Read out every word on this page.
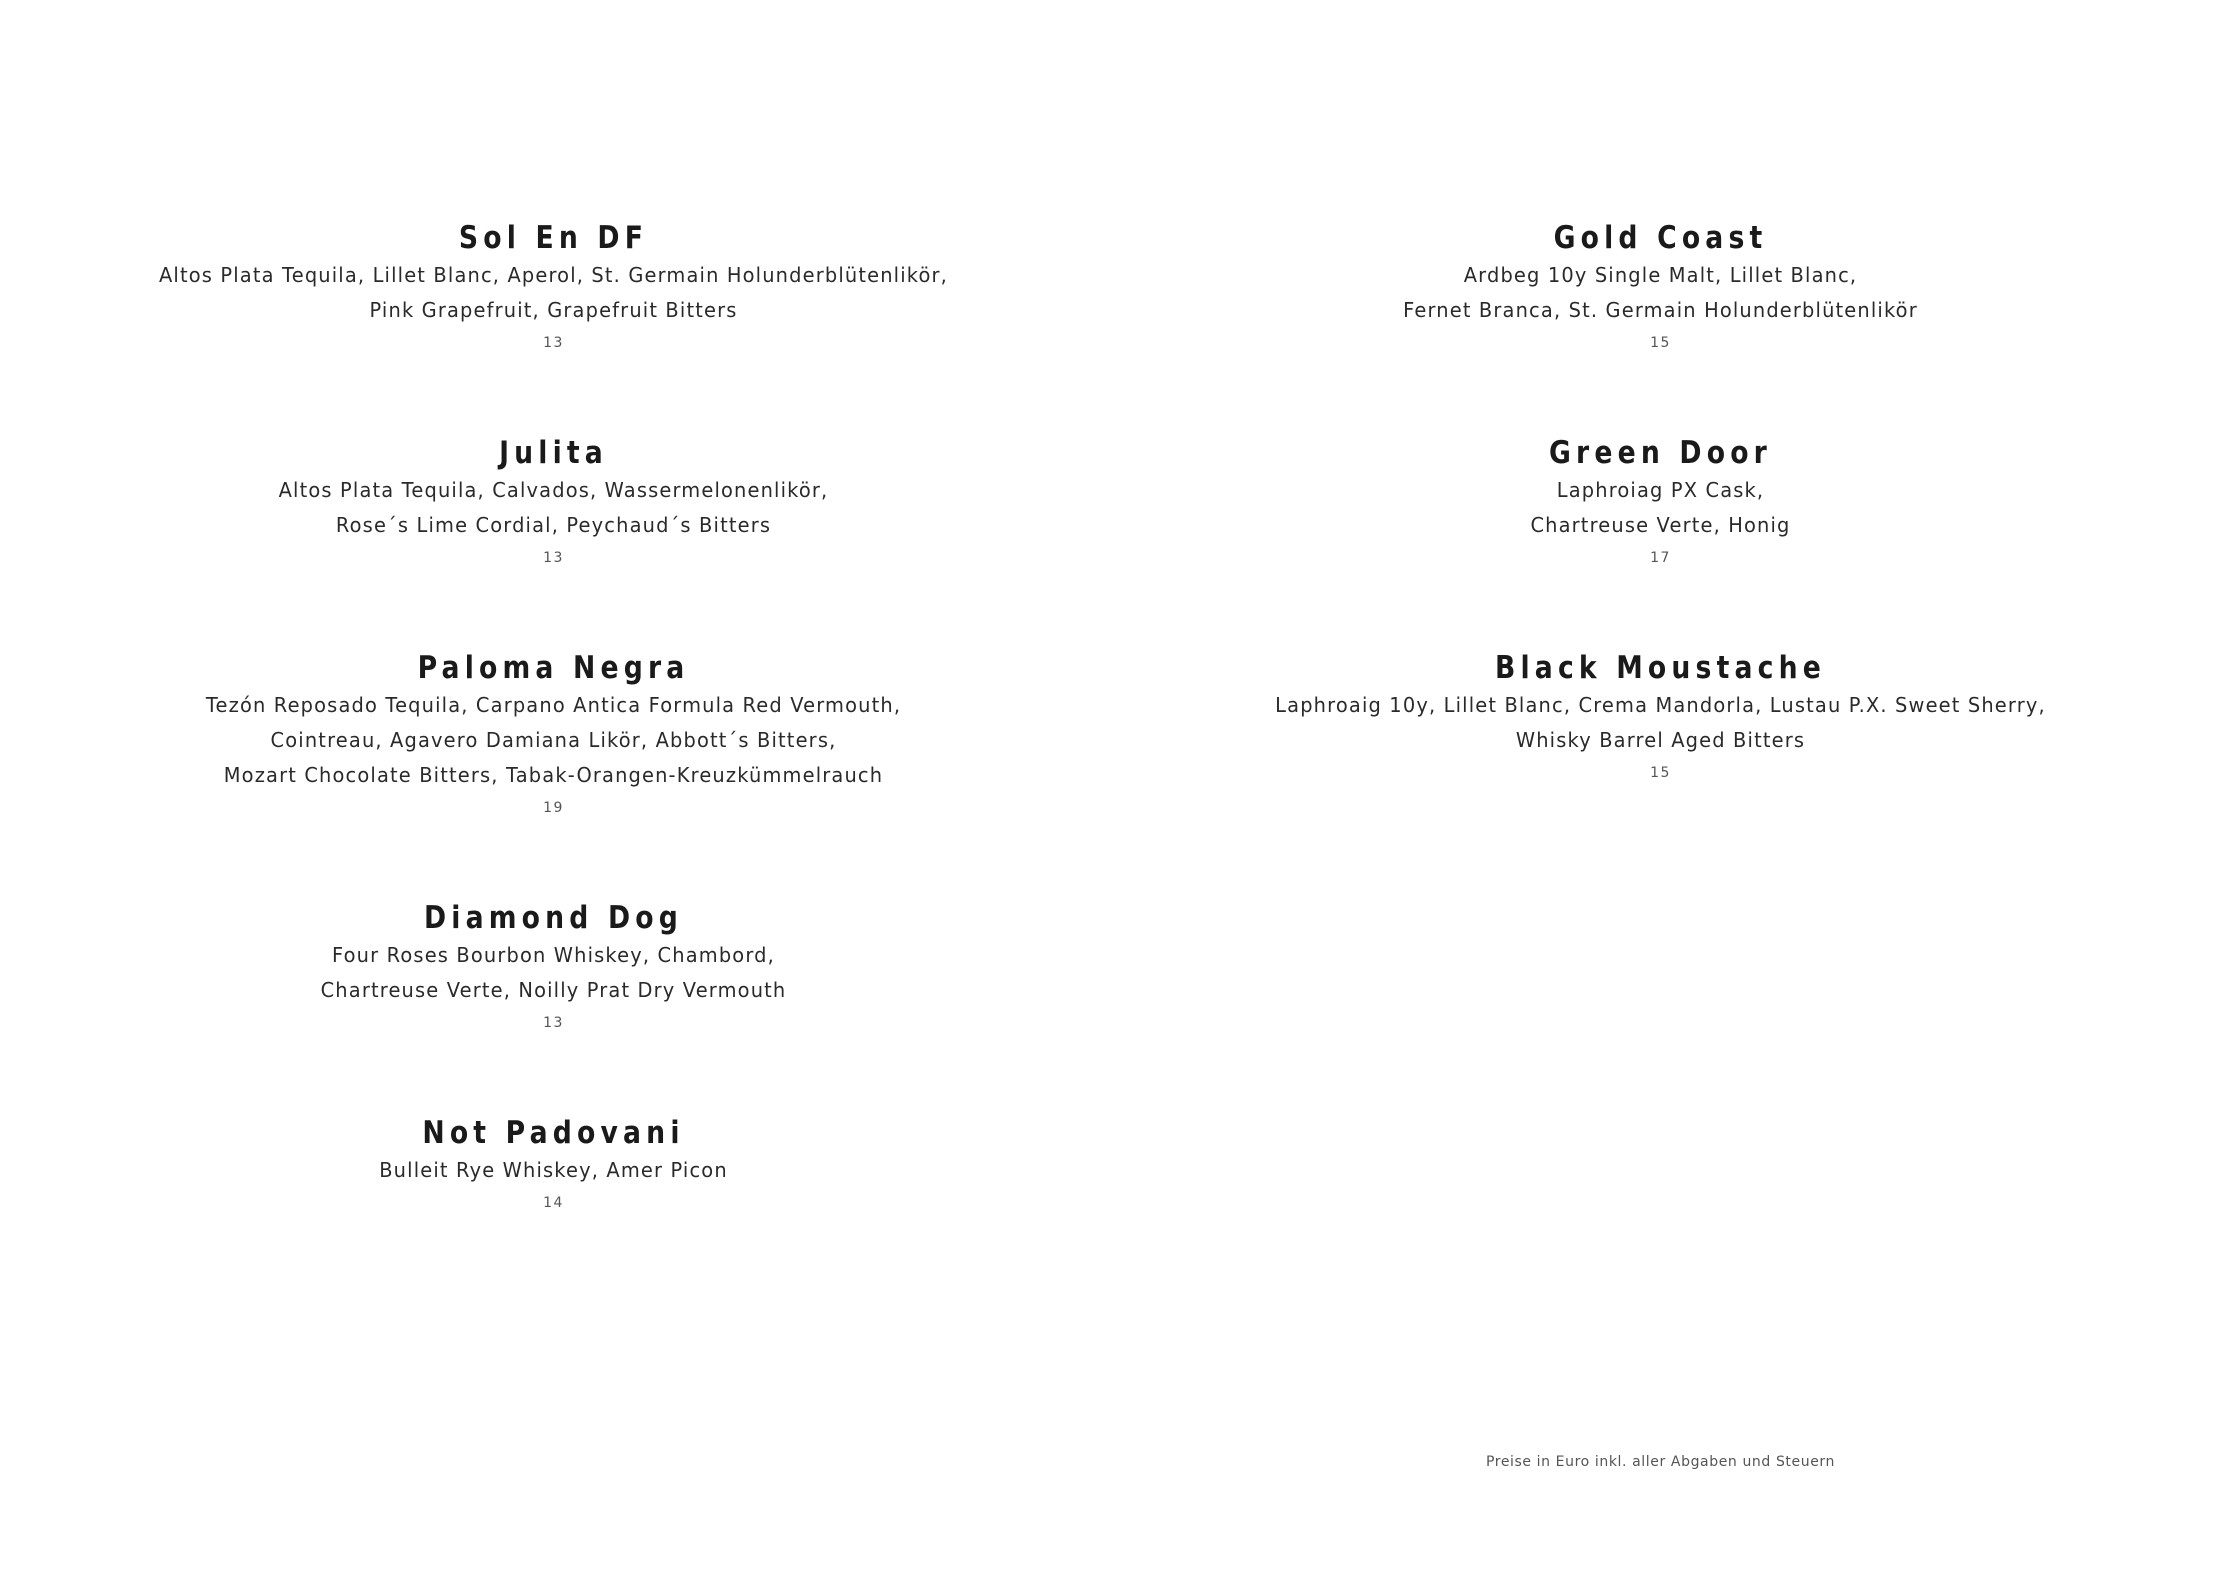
Sol En DF
Altos Plata Tequila, Lillet Blanc, Aperol, St. Germain Holunderblütenlikör,
Pink Grapefruit, Grapefruit Bitters
13
Julita
Altos Plata Tequila, Calvados, Wassermelonenlikör,
Rose´s Lime Cordial, Peychaud´s Bitters
13
Paloma Negra
Tezón Reposado Tequila, Carpano Antica Formula Red Vermouth,
Cointreau, Agavero Damiana Likör, Abbott´s Bitters,
Mozart Chocolate Bitters, Tabak-Orangen-Kreuzkümmelrauch
19
Diamond Dog
Four Roses Bourbon Whiskey, Chambord,
Chartreuse Verte, Noilly Prat Dry Vermouth
13
Not Padovani
Bulleit Rye Whiskey, Amer Picon
14
Gold Coast
Ardbeg 10y Single Malt, Lillet Blanc,
Fernet Branca, St. Germain Holunderblütenlikör
15
Green Door
Laphroiag PX Cask,
Chartreuse Verte, Honig
17
Black Moustache
Laphroaig 10y, Lillet Blanc, Crema Mandorla, Lustau P.X. Sweet Sherry,
Whisky Barrel Aged Bitters
15
Preise in Euro inkl. aller Abgaben und Steuern
